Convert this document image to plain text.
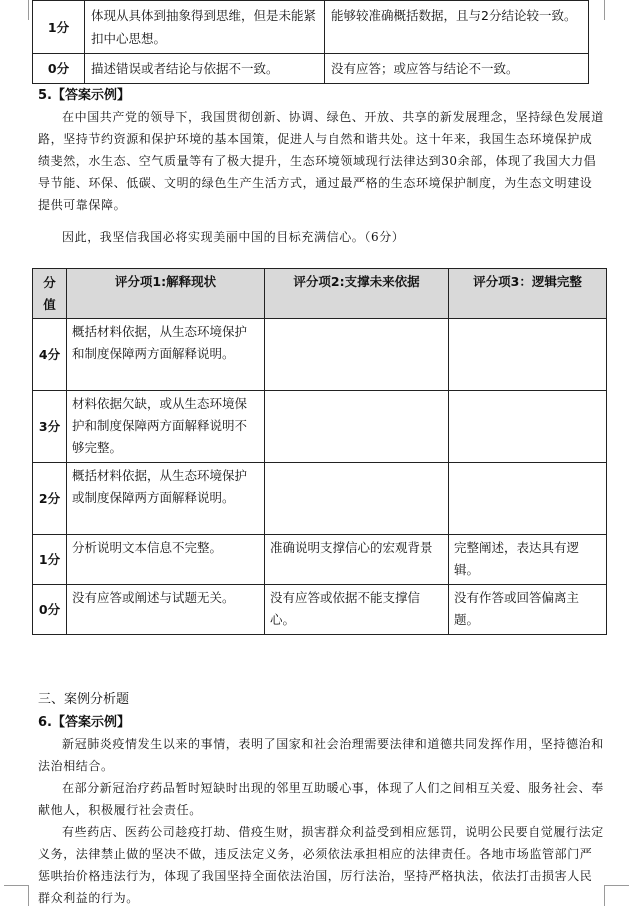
1分	体现从具体到抽象得到思维，但是未能紧扣中心思想。	能够较准确概括数据，且与2分结论较一致。
0分	描述错误或者结论与依据不一致。	没有应答；或应答与结论不一致。
5.【答案示例】
在中国共产党的领导下，我国贯彻创新、协调、绿色、开放、共享的新发展理念，坚持绿色发展道路，坚持节约资源和保护环境的基本国策，促进人与自然和谐共处。这十年来，我国生态环境保护成绩斐然，水生态、空气质量等有了极大提升，生态环境领域现行法律达到30余部，体现了我国大力倡导节能、环保、低碳、文明的绿色生产生活方式，通过最严格的生态环境保护制度，为生态文明建设提供可靠保障。
因此，我坚信我国必将实现美丽中国的目标充满信心。（6分）
分值	评分项1:解释现状	评分项2:支撑未来依据	评分项3：逻辑完整
4分	概括材料依据，从生态环境保护和制度保障两方面解释说明。		
3分	材料依据欠缺，或从生态环境保护和制度保障两方面解释说明不够完整。		
2分	概括材料依据，从生态环境保护或制度保障两方面解释说明。		
1分	分析说明文本信息不完整。	准确说明支撑信心的宏观背景	完整阐述，表达具有逻辑。
0分	没有应答或阐述与试题无关。	没有应答或依据不能支撑信心。	没有作答或回答偏离主题。
三、案例分析题
6.【答案示例】
新冠肺炎疫情发生以来的事情，表明了国家和社会治理需要法律和道德共同发挥作用，坚持德治和法治相结合。
在部分新冠治疗药品暂时短缺时出现的邻里互助暖心事，体现了人们之间相互关爱、服务社会、奉献他人，积极履行社会责任。
有些药店、医药公司趁疫打劫、借疫生财，损害群众利益受到相应惩罚，说明公民要自觉履行法定义务，法律禁止做的坚决不做，违反法定义务，必须依法承担相应的法律责任。各地市场监管部门严惩哄抬价格违法行为，体现了我国坚持全面依法治国，厉行法治，坚持严格执法，依法打击损害人民群众利益的行为。
